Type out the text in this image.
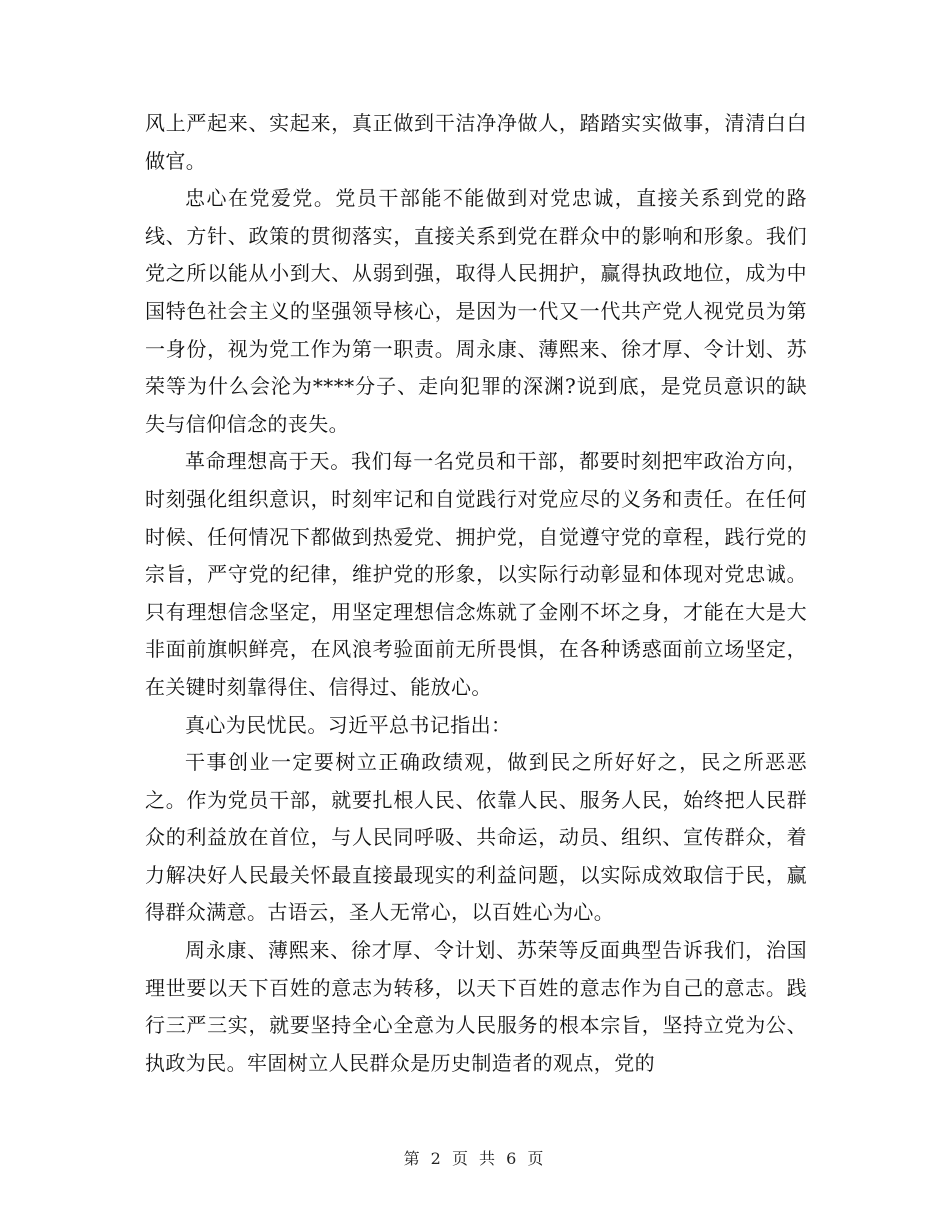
风上严起来、实起来，真正做到干洁净净做人，踏踏实实做事，清清白白做官。

忠心在党爱党。党员干部能不能做到对党忠诚，直接关系到党的路线、方针、政策的贯彻落实，直接关系到党在群众中的影响和形象。我们党之所以能从小到大、从弱到强，取得人民拥护，赢得执政地位，成为中国特色社会主义的坚强领导核心，是因为一代又一代共产党人视党员为第一身份，视为党工作为第一职责。周永康、薄熙来、徐才厚、令计划、苏荣等为什么会沦为****分子、走向犯罪的深渊?说到底，是党员意识的缺失与信仰信念的丧失。

革命理想高于天。我们每一名党员和干部，都要时刻把牢政治方向，时刻强化组织意识，时刻牢记和自觉践行对党应尽的义务和责任。在任何时候、任何情况下都做到热爱党、拥护党，自觉遵守党的章程，践行党的宗旨，严守党的纪律，维护党的形象，以实际行动彰显和体现对党忠诚。只有理想信念坚定，用坚定理想信念炼就了金刚不坏之身，才能在大是大非面前旗帜鲜亮，在风浪考验面前无所畏惧，在各种诱惑面前立场坚定，在关键时刻靠得住、信得过、能放心。

真心为民忧民。习近平总书记指出：

干事创业一定要树立正确政绩观，做到民之所好好之，民之所恶恶之。作为党员干部，就要扎根人民、依靠人民、服务人民，始终把人民群众的利益放在首位，与人民同呼吸、共命运，动员、组织、宣传群众，着力解决好人民最关怀最直接最现实的利益问题，以实际成效取信于民，赢得群众满意。古语云，圣人无常心，以百姓心为心。

周永康、薄熙来、徐才厚、令计划、苏荣等反面典型告诉我们，治国理世要以天下百姓的意志为转移，以天下百姓的意志作为自己的意志。践行三严三实，就要坚持全心全意为人民服务的根本宗旨，坚持立党为公、执政为民。牢固树立人民群众是历史制造者的观点，党的

第 2 页 共 6 页
